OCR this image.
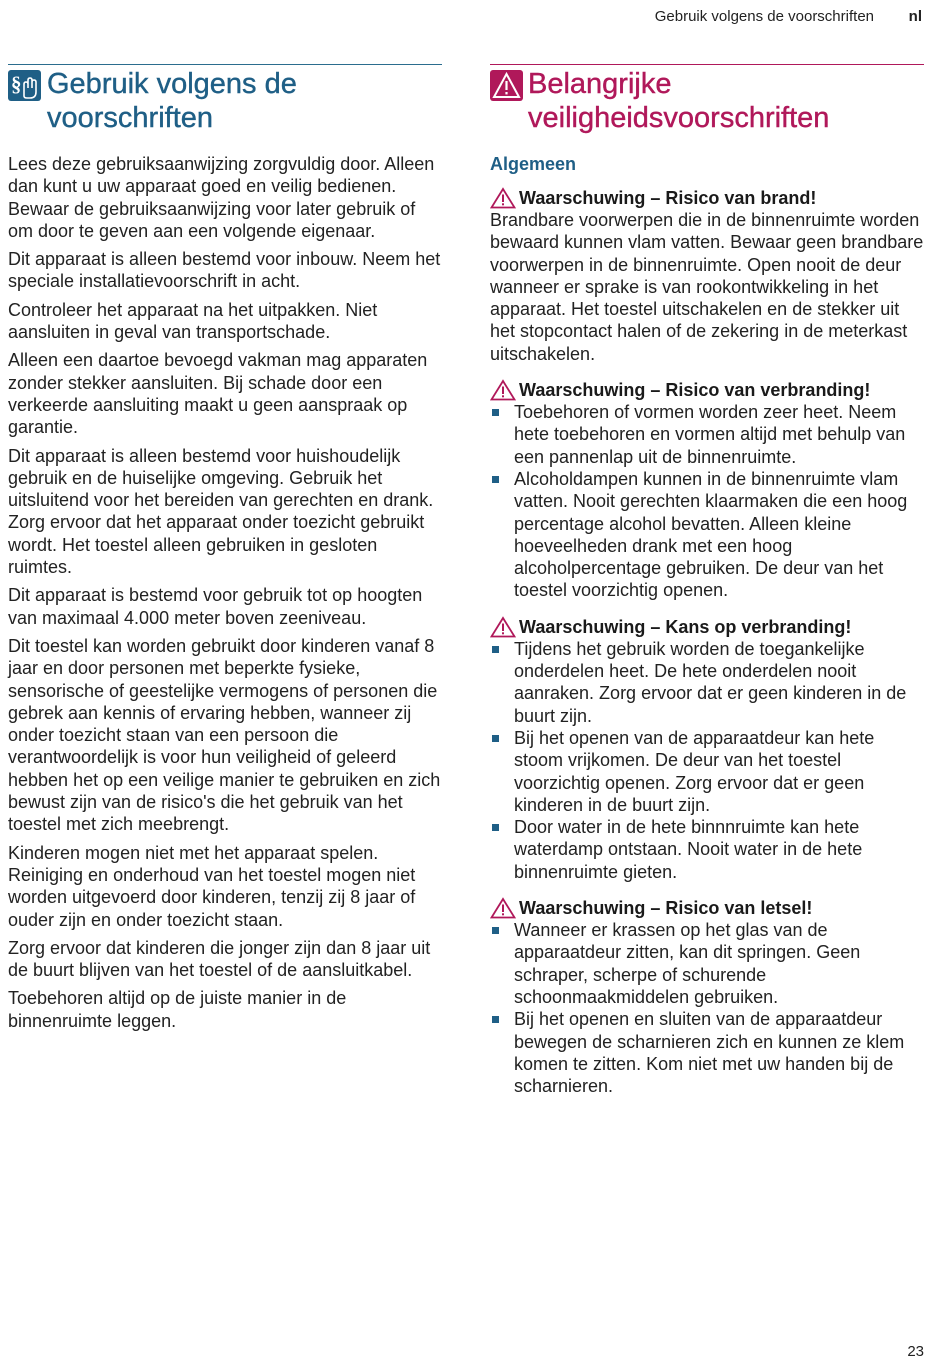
Gebruik volgens de voorschriften nl
§ Gebruik volgens de voorschriften

Lees deze gebruiksaanwijzing zorgvuldig door. Alleen dan kunt u uw apparaat goed en veilig bedienen. Bewaar de gebruiksaanwijzing voor later gebruik of om door te geven aan een volgende eigenaar.

Dit apparaat is alleen bestemd voor inbouw. Neem het speciale installatievoorschrift in acht.

Controleer het apparaat na het uitpakken. Niet aansluiten in geval van transportschade.

Alleen een daartoe bevoegd vakman mag apparaten zonder stekker aansluiten. Bij schade door een verkeerde aansluiting maakt u geen aanspraak op garantie.

Dit apparaat is alleen bestemd voor huishoudelijk gebruik en de huiselijke omgeving. Gebruik het uitsluitend voor het bereiden van gerechten en drank. Zorg ervoor dat het apparaat onder toezicht gebruikt wordt. Het toestel alleen gebruiken in gesloten ruimtes.

Dit apparaat is bestemd voor gebruik tot op hoogten van maximaal 4.000 meter boven zeeniveau.

Dit toestel kan worden gebruikt door kinderen vanaf 8 jaar en door personen met beperkte fysieke, sensorische of geestelijke vermogens of personen die gebrek aan kennis of ervaring hebben, wanneer zij onder toezicht staan van een persoon die verantwoordelijk is voor hun veiligheid of geleerd hebben het op een veilige manier te gebruiken en zich bewust zijn van de risico's die het gebruik van het toestel met zich meebrengt.

Kinderen mogen niet met het apparaat spelen. Reiniging en onderhoud van het toestel mogen niet worden uitgevoerd door kinderen, tenzij zij 8 jaar of ouder zijn en onder toezicht staan.

Zorg ervoor dat kinderen die jonger zijn dan 8 jaar uit de buurt blijven van het toestel of de aansluitkabel.

Toebehoren altijd op de juiste manier in de binnenruimte leggen.

Belangrijke veiligheidsvoorschriften
Algemeen
Waarschuwing – Risico van brand!

Brandbare voorwerpen die in de binnenruimte worden bewaard kunnen vlam vatten. Bewaar geen brandbare voorwerpen in de binnenruimte. Open nooit de deur wanneer er sprake is van rookontwikkeling in het apparaat. Het toestel uitschakelen en de stekker uit het stopcontact halen of de zekering in de meterkast uitschakelen.

Waarschuwing – Risico van verbranding!
Toebehoren of vormen worden zeer heet. Neem hete toebehoren en vormen altijd met behulp van een pannenlap uit de binnenruimte.
Alcoholdampen kunnen in de binnenruimte vlam vatten. Nooit gerechten klaarmaken die een hoog percentage alcohol bevatten. Alleen kleine hoeveelheden drank met een hoog alcoholpercentage gebruiken. De deur van het toestel voorzichtig openen.
Waarschuwing – Kans op verbranding!
Tijdens het gebruik worden de toegankelijke onderdelen heet. De hete onderdelen nooit aanraken. Zorg ervoor dat er geen kinderen in de buurt zijn.
Bij het openen van de apparaatdeur kan hete stoom vrijkomen. De deur van het toestel voorzichtig openen. Zorg ervoor dat er geen kinderen in de buurt zijn.
Door water in de hete binnnruimte kan hete waterdamp ontstaan. Nooit water in de hete binnenruimte gieten.
Waarschuwing – Risico van letsel!
Wanneer er krassen op het glas van de apparaatdeur zitten, kan dit springen. Geen schraper, scherpe of schurende schoonmaakmiddelen gebruiken.
Bij het openen en sluiten van de apparaatdeur bewegen de scharnieren zich en kunnen ze klem komen te zitten. Kom niet met uw handen bij de scharnieren.
23
